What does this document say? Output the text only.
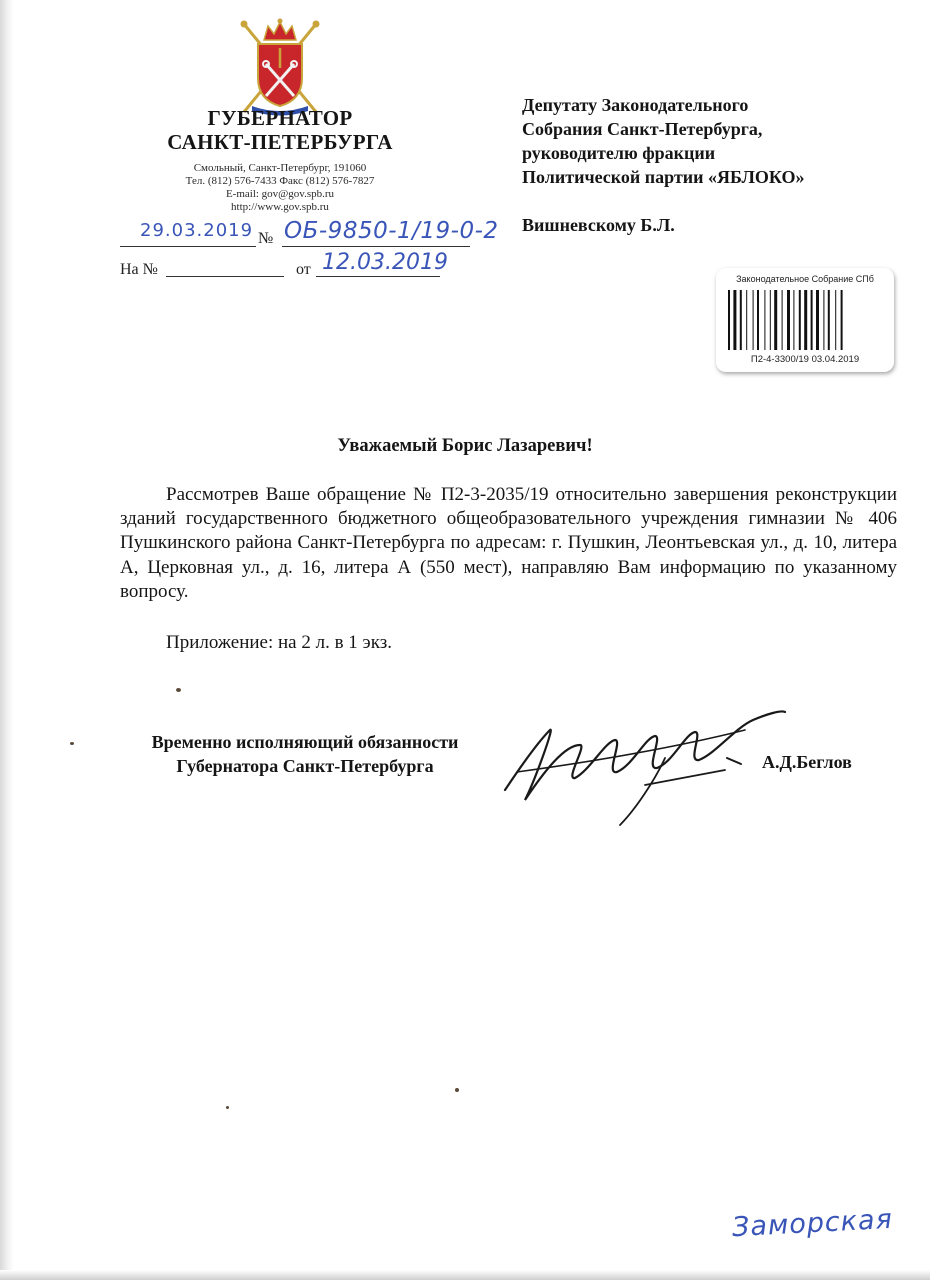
ГУБЕРНАТОР
САНКТ-ПЕТЕРБУРГА
Смольный, Санкт-Петербург, 191060
Тел. (812) 576-7433 Факс (812) 576-7827
E-mail: gov@gov.spb.ru
http://www.gov.spb.ru
29.03.2019 № ОБ-9850-1/19-0-2
На №	от 12.03.2019
Депутату Законодательного
Собрания Санкт-Петербурга,
руководителю фракции
Политической партии «ЯБЛОКО»
Вишневскому Б.Л.
Законодательное Собрание СПб
П2-4-3300/19 03.04.2019
Уважаемый Борис Лазаревич!
Рассмотрев Ваше обращение № П2-3-2035/19 относительно завершения реконструкции зданий государственного бюджетного общеобразовательного учреждения гимназии № 406 Пушкинского района Санкт-Петербурга по адресам: г. Пушкин, Леонтьевская ул., д. 10, литера А, Церковная ул., д. 16, литера А (550 мест), направляю Вам информацию по указанному вопросу.
Приложение: на 2 л. в 1 экз.
Временно исполняющий обязанности
Губернатора Санкт-Петербурга	А.Д.Беглов
Заморская
